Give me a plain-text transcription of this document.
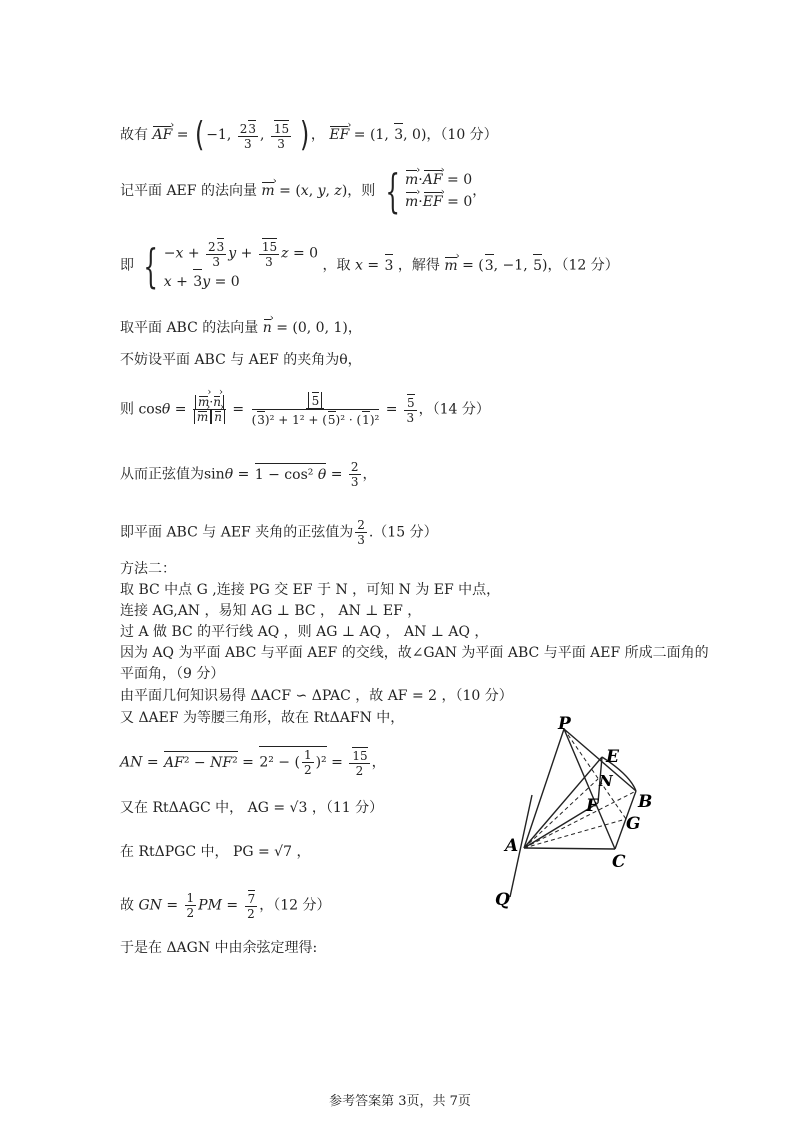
故有 AF › = ( −1, $\frac{23}{3}$ , $\frac{15}{3}$ ) ， EF › = (1, 3, 0)，（10 分）
记平面 AEF 的法向量 m › = (x, y, z)，则 { m ›·AF › = 0
m ›·EF › = 0
，
即 { $-x + \frac{23}{3}$ $y + \frac{15}{3}$ z = 0
x + 3y = 0
，取 x = 3 ，解得 m › = (3, −1, 5)，（12 分）
取平面 ABC 的法向量 n › = (0, 0, 1)，
不妨设平面 ABC 与 AEF 的夹角为θ，
则 $\cos\theta = \frac{m ›\cdot n ›}{m › n}$ › = $\frac{5}{\text{(3)² + 1² + (5)² · (1)²}} = \frac{5}{3}$ ，（14 分）
从而正弦值为sinθ = 1 − cos² $\theta = \frac{2}{3}$ ，
即平面 ABC 与 AEF 夹角的正弦值为 $\frac{2}{3} .(15$ 分）
方法二：
取 BC 中点 G ,连接 PG 交 EF 于 N ，可知 N 为 EF 中点，
连接 AG,AN ，易知 AG ⊥ BC ， AN ⊥ EF ，
过 A 做 BC 的平行线 AQ ，则 AG ⊥ AQ ， AN ⊥ AQ ，
因为 AQ 为平面 ABC 与平面 AEF 的交线，故∠GAN 为平面 ABC 与平面 AEF 所成二面角的
平面角，（9 分）
由平面几何知识易得 ΔACF ∽ ΔPAC ，故 AF = 2 ，（10 分）
又 ΔAEF 为等腰三角形，故在 RtΔAFN 中，
AN = AF² − NF² = 2² − ( $\frac{1}{2} )^2 = \frac{15}{2}$ ，
又在 RtΔAGC 中， AG = √3 ，（11 分）
在 RtΔPGC 中， PG = √7 ，
故 GN = $\frac{1}{2}$ PM = $\frac{7}{2}$ ，（12 分）
于是在 ΔAGN 中由余弦定理得:
P
E
N
F B
G
A
C
Q
参考答案第 3页，共 7页
